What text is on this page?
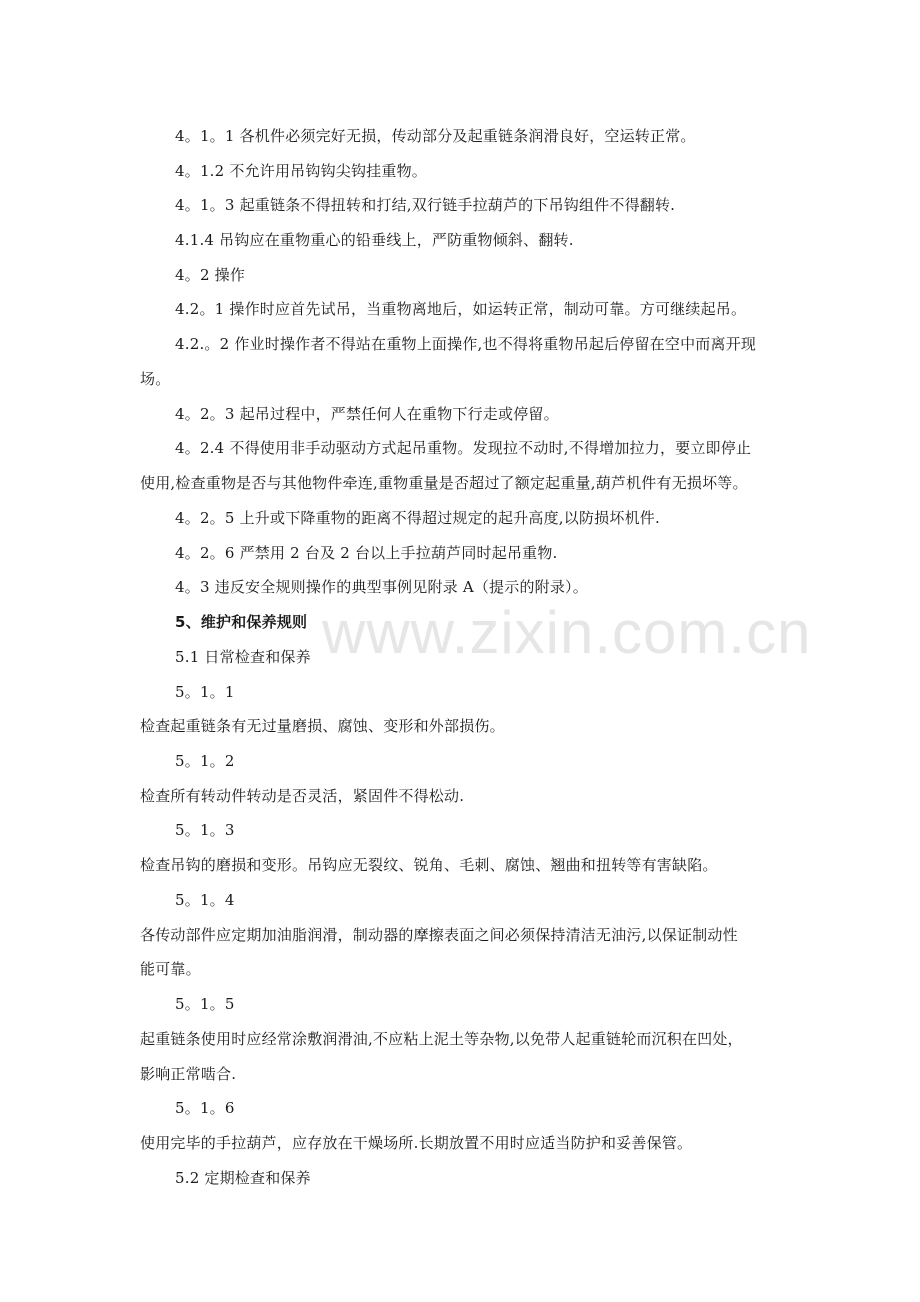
www.zixin.com.cn
4。1。1 各机件必须完好无损，传动部分及起重链条润滑良好，空运转正常。
4。1.2 不允许用吊钩钩尖钩挂重物。
4。1。3 起重链条不得扭转和打结,双行链手拉葫芦的下吊钩组件不得翻转.
4.1.4 吊钩应在重物重心的铅垂线上，严防重物倾斜、翻转.
4。2 操作
4.2。1 操作时应首先试吊，当重物离地后，如运转正常，制动可靠。方可继续起吊。
4.2.。2 作业时操作者不得站在重物上面操作,也不得将重物吊起后停留在空中而离开现
场。
4。2。3 起吊过程中，严禁任何人在重物下行走或停留。
4。2.4 不得使用非手动驱动方式起吊重物。发现拉不动时,不得增加拉力，要立即停止
使用,检查重物是否与其他物件牵连,重物重量是否超过了额定起重量,葫芦机件有无损坏等。
4。2。5 上升或下降重物的距离不得超过规定的起升高度,以防损坏机件.
4。2。6 严禁用 2 台及 2 台以上手拉葫芦同时起吊重物.
4。3 违反安全规则操作的典型事例见附录 A（提示的附录）。
5、维护和保养规则
5.1 日常检查和保养
5。1。1
检查起重链条有无过量磨损、腐蚀、变形和外部损伤。
5。1。2
检查所有转动件转动是否灵活，紧固件不得松动.
5。1。3
检查吊钩的磨损和变形。吊钩应无裂纹、锐角、毛刺、腐蚀、翘曲和扭转等有害缺陷。
5。1。4
各传动部件应定期加油脂润滑，制动器的摩擦表面之间必须保持清洁无油污,以保证制动性
能可靠。
5。1。5
起重链条使用时应经常涂敷润滑油,不应粘上泥土等杂物,以免带人起重链轮而沉积在凹处，
影响正常啮合.
5。1。6
使用完毕的手拉葫芦，应存放在干燥场所.长期放置不用时应适当防护和妥善保管。
5.2 定期检查和保养
